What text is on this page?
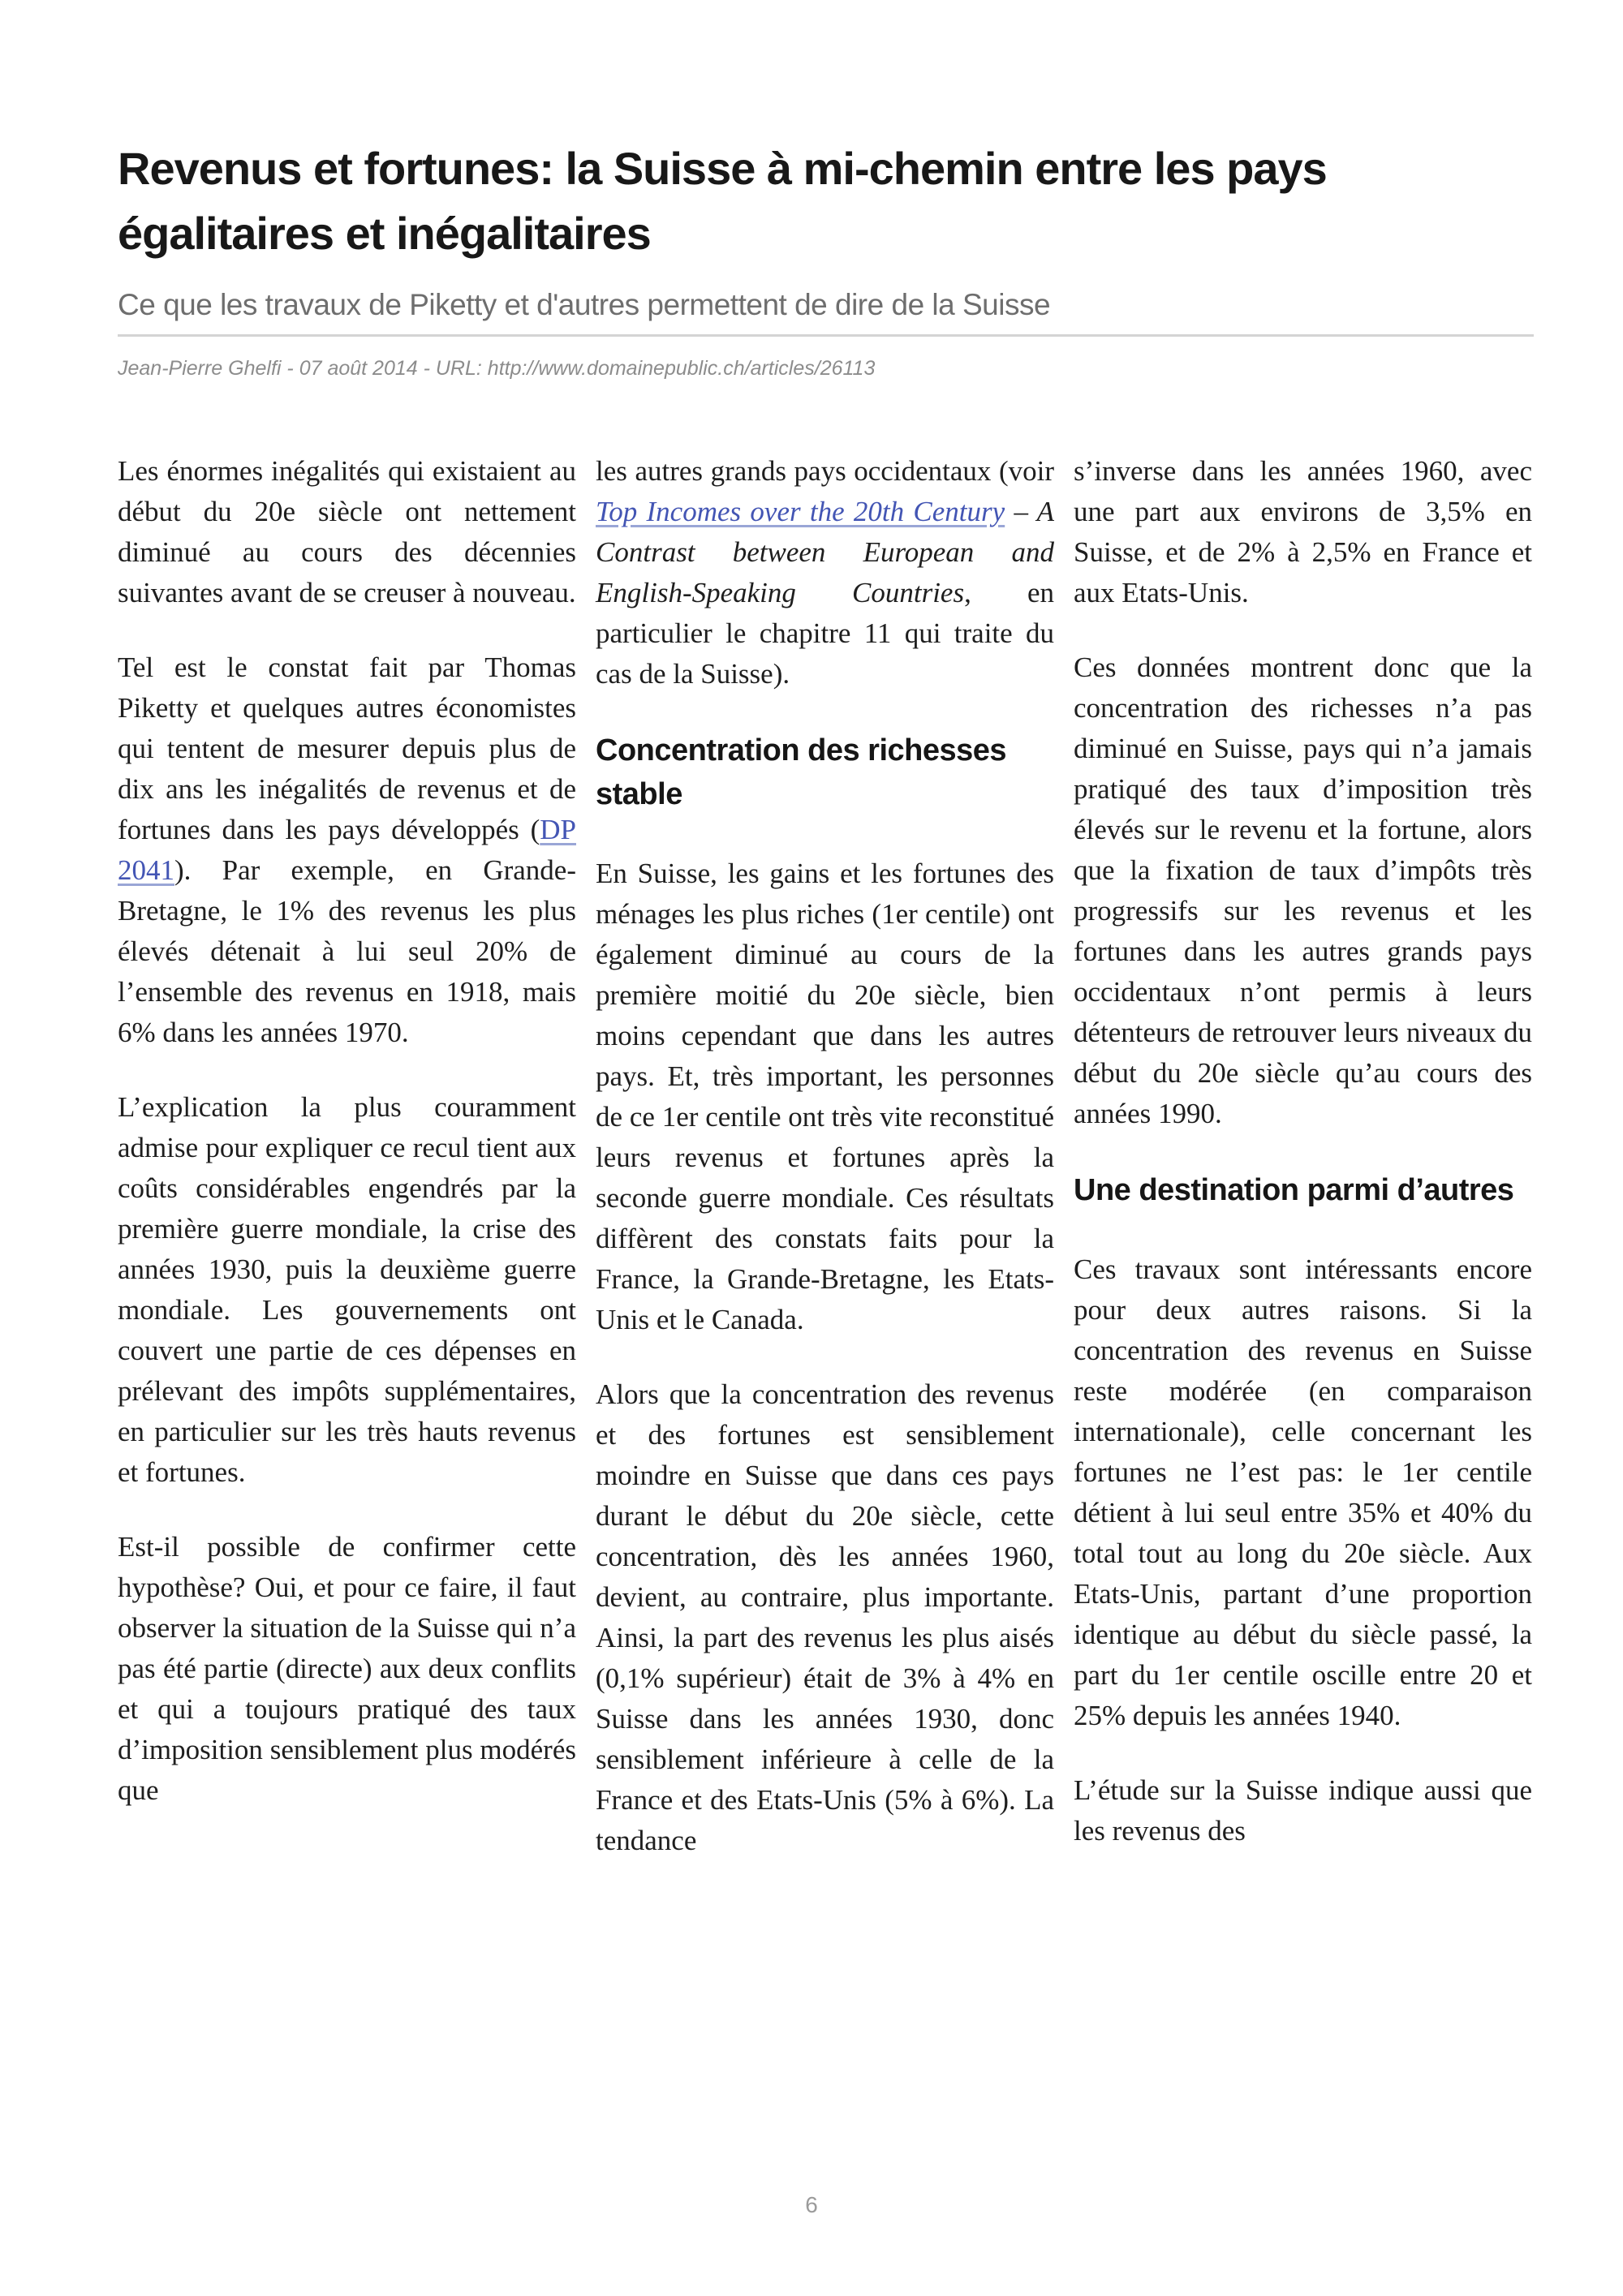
Revenus et fortunes: la Suisse à mi-chemin entre les pays
égalitaires et inégalitaires

Ce que les travaux de Piketty et d'autres permettent de dire de la Suisse

Jean-Pierre Ghelfi - 07 août 2014 - URL: http://www.domainepublic.ch/articles/26113

Les énormes inégalités qui existaient au début du 20e siècle ont nettement diminué au cours des décennies suivantes avant de se creuser à nouveau.

Tel est le constat fait par Thomas Piketty et quelques autres économistes qui tentent de mesurer depuis plus de dix ans les inégalités de revenus et de fortunes dans les pays développés (DP 2041). Par exemple, en Grande-Bretagne, le 1% des revenus les plus élevés détenait à lui seul 20% de l’ensemble des revenus en 1918, mais 6% dans les années 1970.

L’explication la plus couramment admise pour expliquer ce recul tient aux coûts considérables engendrés par la première guerre mondiale, la crise des années 1930, puis la deuxième guerre mondiale. Les gouvernements ont couvert une partie de ces dépenses en prélevant des impôts supplémentaires, en particulier sur les très hauts revenus et fortunes.

Est-il possible de confirmer cette hypothèse? Oui, et pour ce faire, il faut observer la situation de la Suisse qui n’a pas été partie (directe) aux deux conflits et qui a toujours pratiqué des taux d’imposition sensiblement plus modérés que

les autres grands pays occidentaux (voir Top Incomes over the 20th Century – A Contrast between European and English-Speaking Countries, en particulier le chapitre 11 qui traite du cas de la Suisse).

Concentration des richesses stable

En Suisse, les gains et les fortunes des ménages les plus riches (1er centile) ont également diminué au cours de la première moitié du 20e siècle, bien moins cependant que dans les autres pays. Et, très important, les personnes de ce 1er centile ont très vite reconstitué leurs revenus et fortunes après la seconde guerre mondiale. Ces résultats diffèrent des constats faits pour la France, la Grande-Bretagne, les Etats-Unis et le Canada.

Alors que la concentration des revenus et des fortunes est sensiblement moindre en Suisse que dans ces pays durant le début du 20e siècle, cette concentration, dès les années 1960, devient, au contraire, plus importante. Ainsi, la part des revenus les plus aisés (0,1% supérieur) était de 3% à 4% en Suisse dans les années 1930, donc sensiblement inférieure à celle de la France et des Etats-Unis (5% à 6%). La tendance

s’inverse dans les années 1960, avec une part aux environs de 3,5% en Suisse, et de 2% à 2,5% en France et aux Etats-Unis.

Ces données montrent donc que la concentration des richesses n’a pas diminué en Suisse, pays qui n’a jamais pratiqué des taux d’imposition très élevés sur le revenu et la fortune, alors que la fixation de taux d’impôts très progressifs sur les revenus et les fortunes dans les autres grands pays occidentaux n’ont permis à leurs détenteurs de retrouver leurs niveaux du début du 20e siècle qu’au cours des années 1990.

Une destination parmi d’autres

Ces travaux sont intéressants encore pour deux autres raisons. Si la concentration des revenus en Suisse reste modérée (en comparaison internationale), celle concernant les fortunes ne l’est pas: le 1er centile détient à lui seul entre 35% et 40% du total tout au long du 20e siècle. Aux Etats-Unis, partant d’une proportion identique au début du siècle passé, la part du 1er centile oscille entre 20 et 25% depuis les années 1940.

L’étude sur la Suisse indique aussi que les revenus des

6
